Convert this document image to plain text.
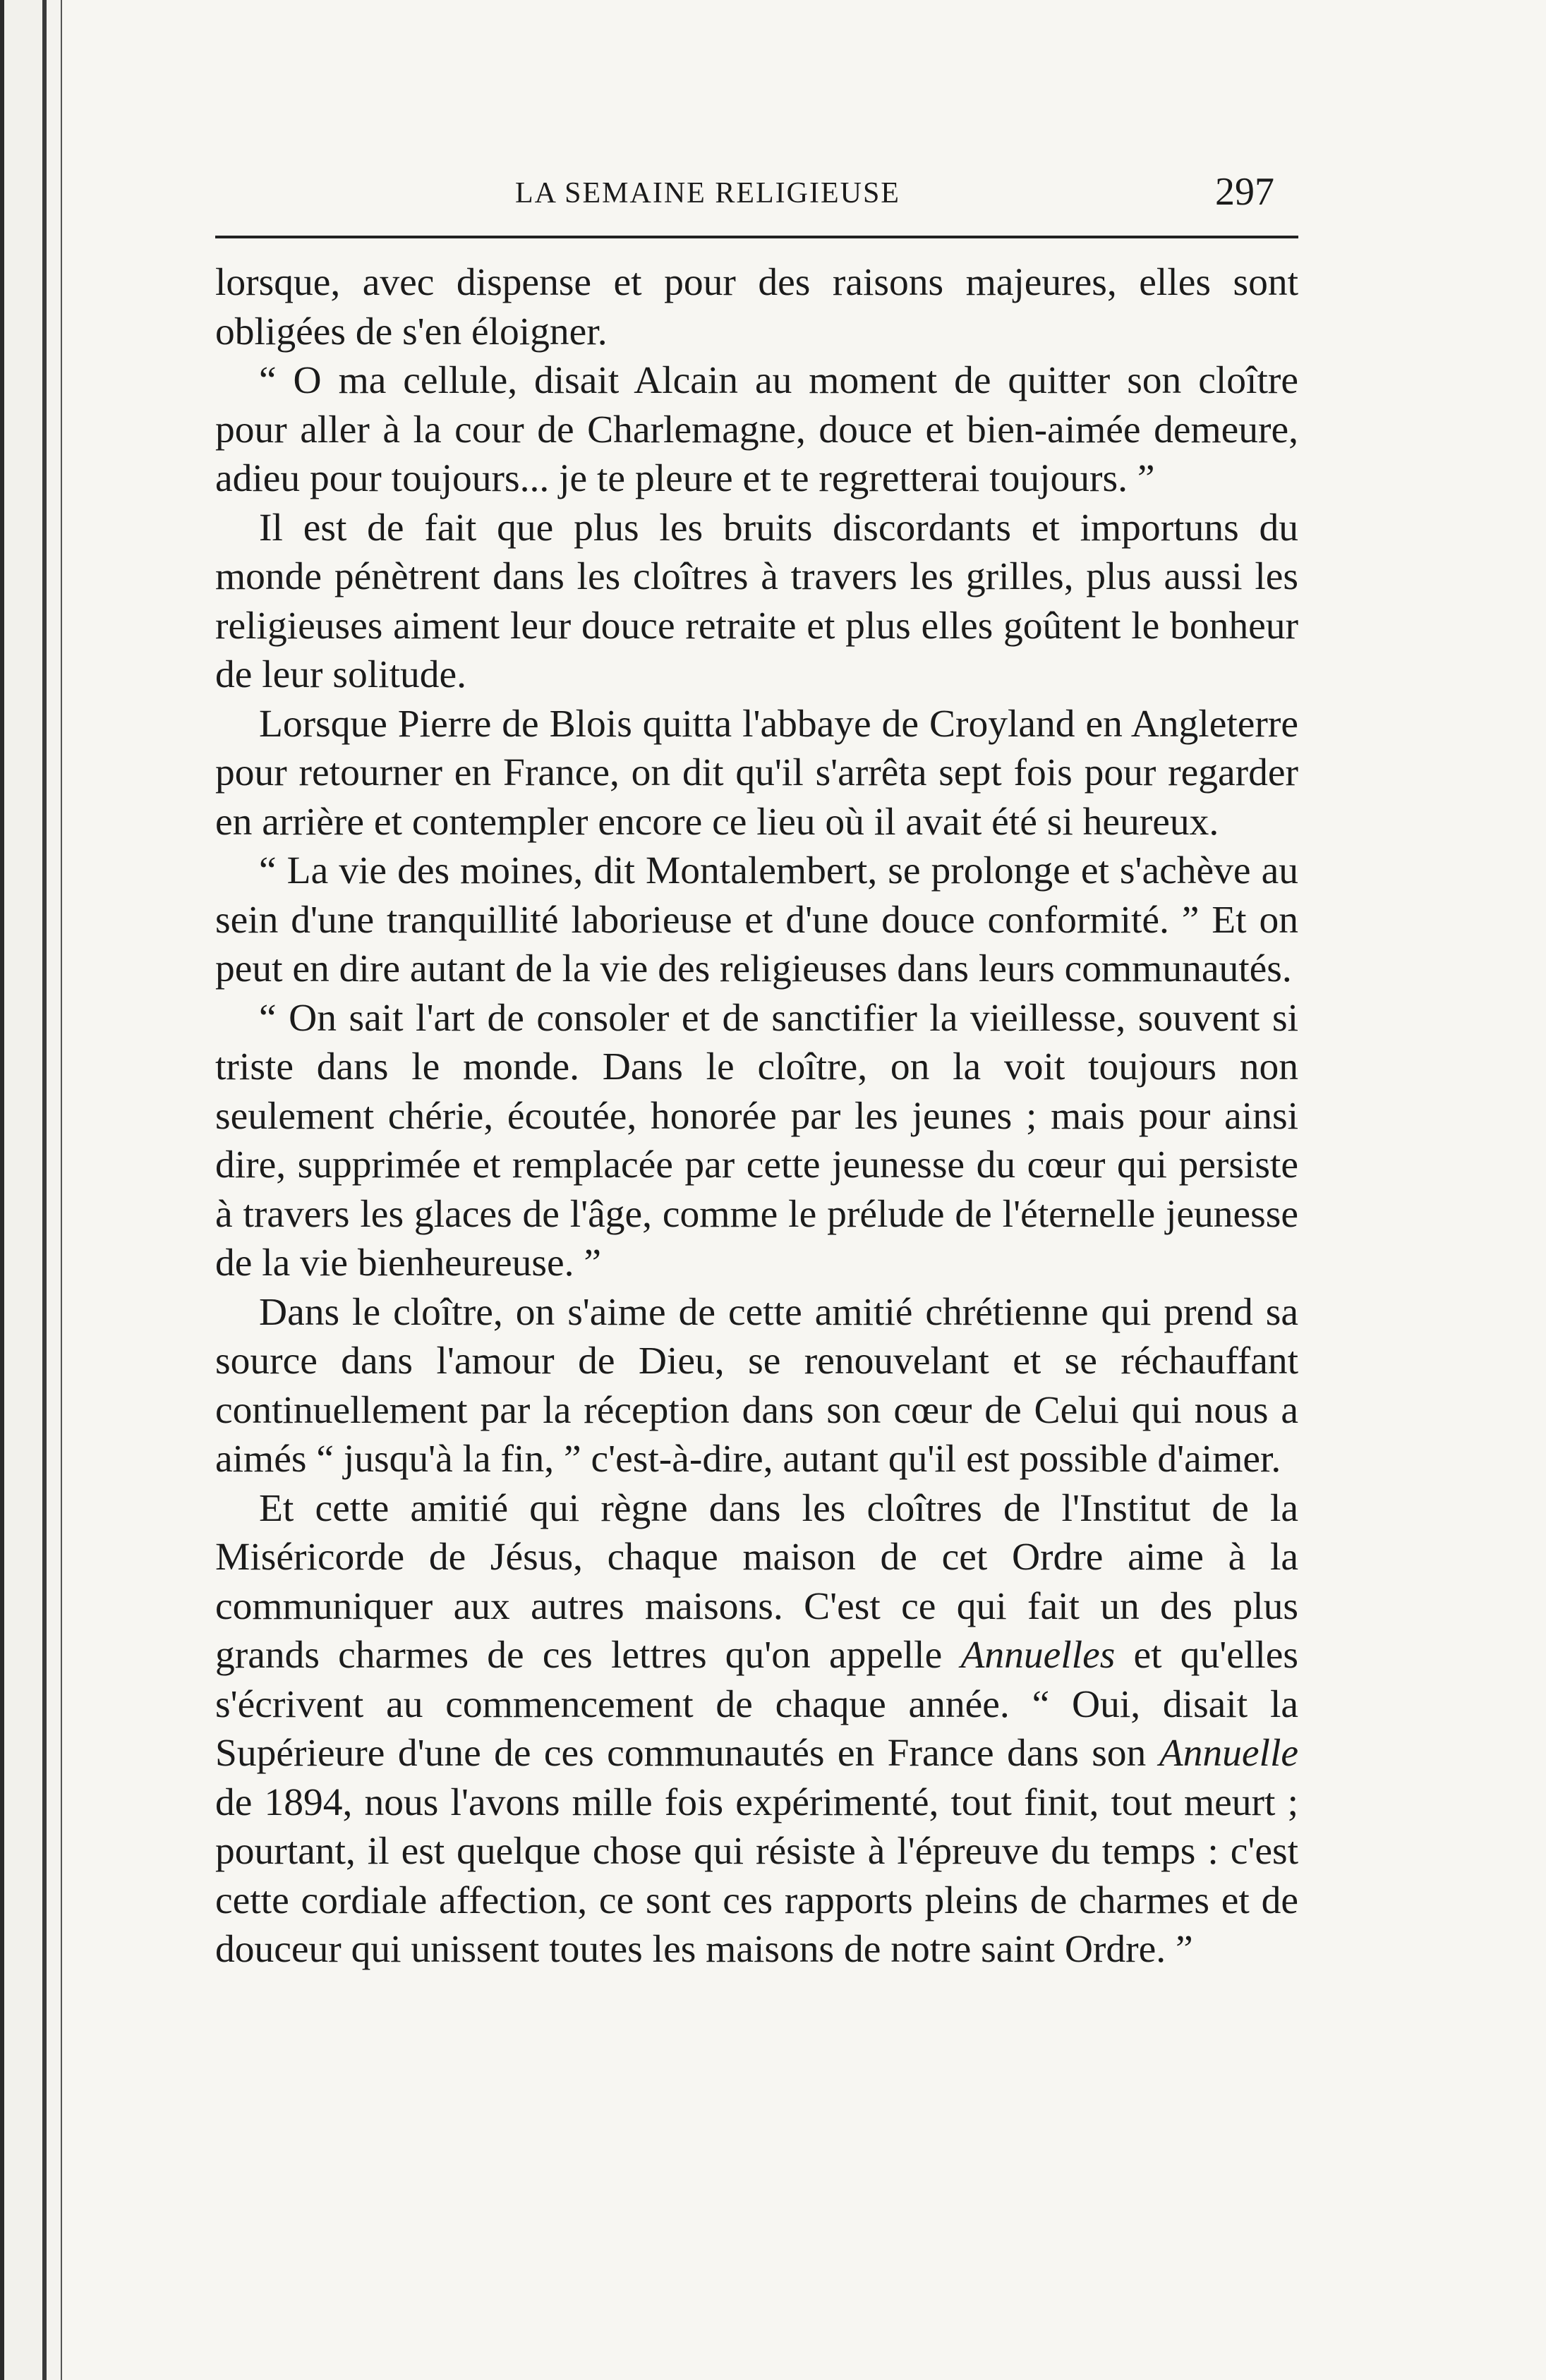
LA SEMAINE RELIGIEUSE	297

lorsque, avec dispense et pour des raisons majeures, elles sont obligées de s'en éloigner.

“ O ma cellule, disait Alcain au moment de quitter son cloître pour aller à la cour de Charlemagne, douce et bien-aimée demeure, adieu pour toujours... je te pleure et te regretterai toujours. ”

Il est de fait que plus les bruits discordants et importuns du monde pénètrent dans les cloîtres à travers les grilles, plus aussi les religieuses aiment leur douce retraite et plus elles goûtent le bonheur de leur solitude.

Lorsque Pierre de Blois quitta l'abbaye de Croyland en Angleterre pour retourner en France, on dit qu'il s'arrêta sept fois pour regarder en arrière et contempler encore ce lieu où il avait été si heureux.

“ La vie des moines, dit Montalembert, se prolonge et s'achève au sein d'une tranquillité laborieuse et d'une douce conformité. ” Et on peut en dire autant de la vie des religieuses dans leurs communautés.

“ On sait l'art de consoler et de sanctifier la vieillesse, souvent si triste dans le monde. Dans le cloître, on la voit toujours non seulement chérie, écoutée, honorée par les jeunes ; mais pour ainsi dire, supprimée et remplacée par cette jeunesse du cœur qui persiste à travers les glaces de l'âge, comme le prélude de l'éternelle jeunesse de la vie bienheureuse. ”

Dans le cloître, on s'aime de cette amitié chrétienne qui prend sa source dans l'amour de Dieu, se renouvelant et se réchauffant continuellement par la réception dans son cœur de Celui qui nous a aimés “ jusqu'à la fin, ” c'est-à-dire, autant qu'il est possible d'aimer.

Et cette amitié qui règne dans les cloîtres de l'Institut de la Miséricorde de Jésus, chaque maison de cet Ordre aime à la communiquer aux autres maisons. C'est ce qui fait un des plus grands charmes de ces lettres qu'on appelle Annuelles et qu'elles s'écrivent au commencement de chaque année. “ Oui, disait la Supérieure d'une de ces communautés en France dans son Annuelle de 1894, nous l'avons mille fois expérimenté, tout finit, tout meurt ; pourtant, il est quelque chose qui résiste à l'épreuve du temps : c'est cette cordiale affection, ce sont ces rapports pleins de charmes et de douceur qui unissent toutes les maisons de notre saint Ordre. ”
